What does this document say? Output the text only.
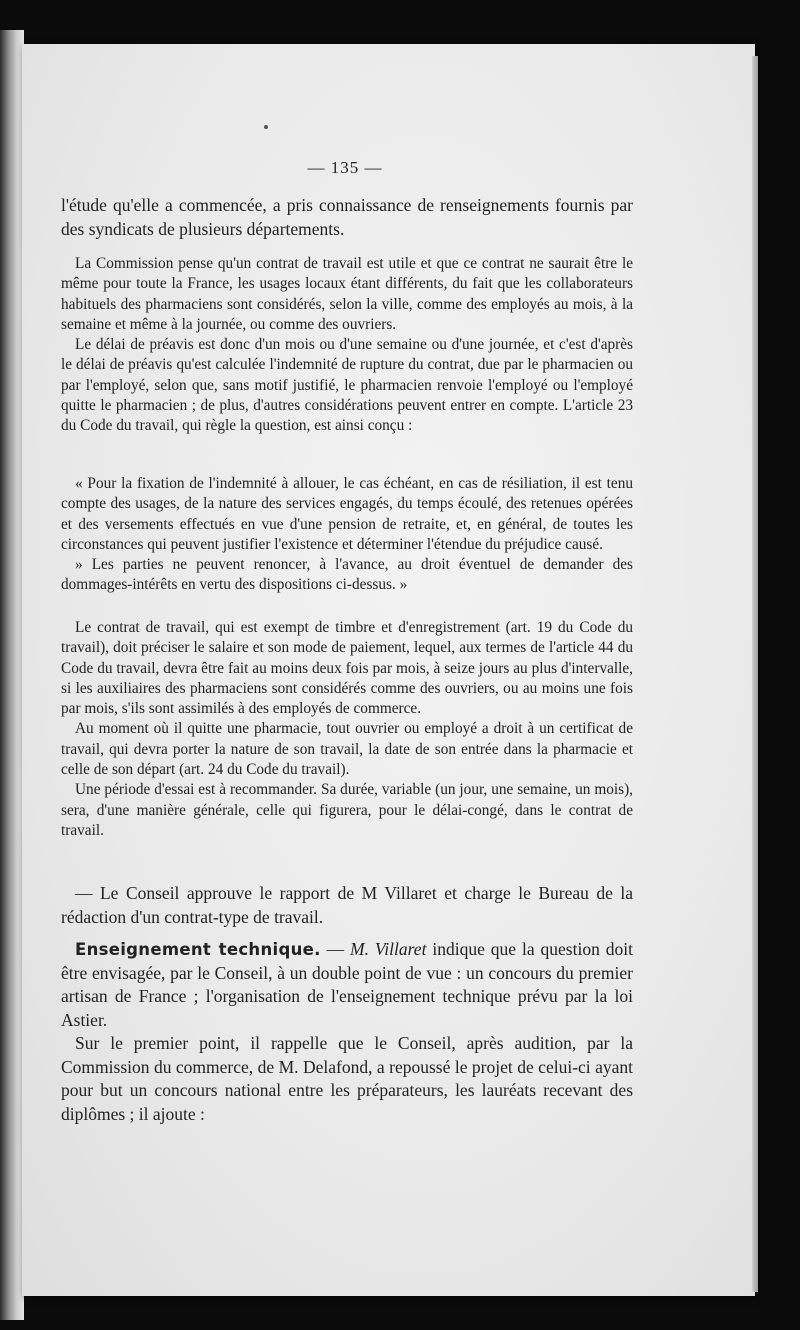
— 135 —

l'étude qu'elle a commencée, a pris connaissance de renseignements fournis par des syndicats de plusieurs départements.

La Commission pense qu'un contrat de travail est utile et que ce contrat ne saurait être le même pour toute la France, les usages locaux étant différents, du fait que les collaborateurs habituels des pharmaciens sont considérés, selon la ville, comme des employés au mois, à la semaine et même à la journée, ou comme des ouvriers.

Le délai de préavis est donc d'un mois ou d'une semaine ou d'une journée, et c'est d'après le délai de préavis qu'est calculée l'indemnité de rupture du contrat, due par le pharmacien ou par l'employé, selon que, sans motif justifié, le pharmacien renvoie l'employé ou l'employé quitte le pharmacien ; de plus, d'autres considérations peuvent entrer en compte. L'article 23 du Code du travail, qui règle la question, est ainsi conçu :

« Pour la fixation de l'indemnité à allouer, le cas échéant, en cas de résiliation, il est tenu compte des usages, de la nature des services engagés, du temps écoulé, des retenues opérées et des versements effectués en vue d'une pension de retraite, et, en général, de toutes les circonstances qui peuvent justifier l'existence et déterminer l'étendue du préjudice causé.

» Les parties ne peuvent renoncer, à l'avance, au droit éventuel de demander des dommages-intérêts en vertu des dispositions ci-dessus. »

Le contrat de travail, qui est exempt de timbre et d'enregistrement (art. 19 du Code du travail), doit préciser le salaire et son mode de paiement, lequel, aux termes de l'article 44 du Code du travail, devra être fait au moins deux fois par mois, à seize jours au plus d'intervalle, si les auxiliaires des pharmaciens sont considérés comme des ouvriers, ou au moins une fois par mois, s'ils sont assimilés à des employés de commerce.

Au moment où il quitte une pharmacie, tout ouvrier ou employé a droit à un certificat de travail, qui devra porter la nature de son travail, la date de son entrée dans la pharmacie et celle de son départ (art. 24 du Code du travail).

Une période d'essai est à recommander. Sa durée, variable (un jour, une semaine, un mois), sera, d'une manière générale, celle qui figurera, pour le délai-congé, dans le contrat de travail.

— Le Conseil approuve le rapport de M Villaret et charge le Bureau de la rédaction d'un contrat-type de travail.

Enseignement technique. — M. Villaret indique que la question doit être envisagée, par le Conseil, à un double point de vue : un concours du premier artisan de France ; l'organisation de l'enseignement technique prévu par la loi Astier.

Sur le premier point, il rappelle que le Conseil, après audition, par la Commission du commerce, de M. Delafond, a repoussé le projet de celui-ci ayant pour but un concours national entre les préparateurs, les lauréats recevant des diplômes ; il ajoute :
